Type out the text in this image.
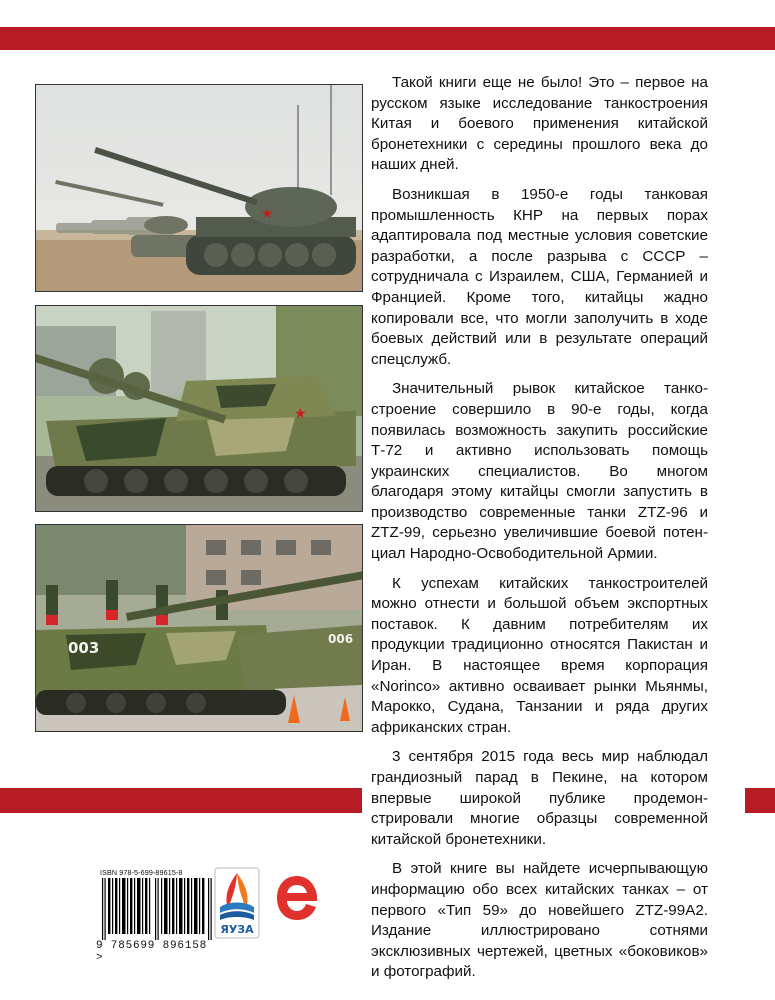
★
★
003	006

Такой книги еще не было! Это – первое на русском языке исследование танкостроения Китая и боевого применения китайской бронетехники с середины прошлого века до наших дней.

Возникшая в 1950-е годы танковая промышленность КНР на первых порах адаптировала под местные условия советские разработки, а после разрыва с СССР – сотрудничала с Израилем, США, Германией и Францией. Кроме того, китайцы жадно копировали все, что могли заполучить в ходе боевых действий или в результате операций спецслужб.

Значительный рывок китайское танкостроение совершило в 90-е годы, когда появилась возможность закупить российские Т-72 и активно использовать помощь украинских специалистов. Во многом благодаря этому китайцы смогли запустить в производство современные танки ZTZ-96 и ZTZ-99, серьезно увеличившие боевой потенциал Народно-Освободительной Армии.

К успехам китайских танкостроителей можно отнести и большой объем экспортных поставок. К давним потребителям их продукции традиционно относятся Пакистан и Иран. В настоящее время корпорация «Norinco» активно осваивает рынки Мьянмы, Марокко, Судана, Танзании и ряда других африканских стран.

3 сентября 2015 года весь мир наблюдал грандиозный парад в Пекине, на котором впервые широкой публике продемонстрировали многие образцы современной китайской бронетехники.

В этой книге вы найдете исчерпывающую информацию обо всех китайских танках – от первого «Тип 59» до новейшего ZTZ-99A2. Издание иллюстрировано сотнями эксклюзивных чертежей, цветных «боковиков» и фотографий.

ISBN 978-5-699-89615-8
9 785699 896158 >
ЯУЗА
